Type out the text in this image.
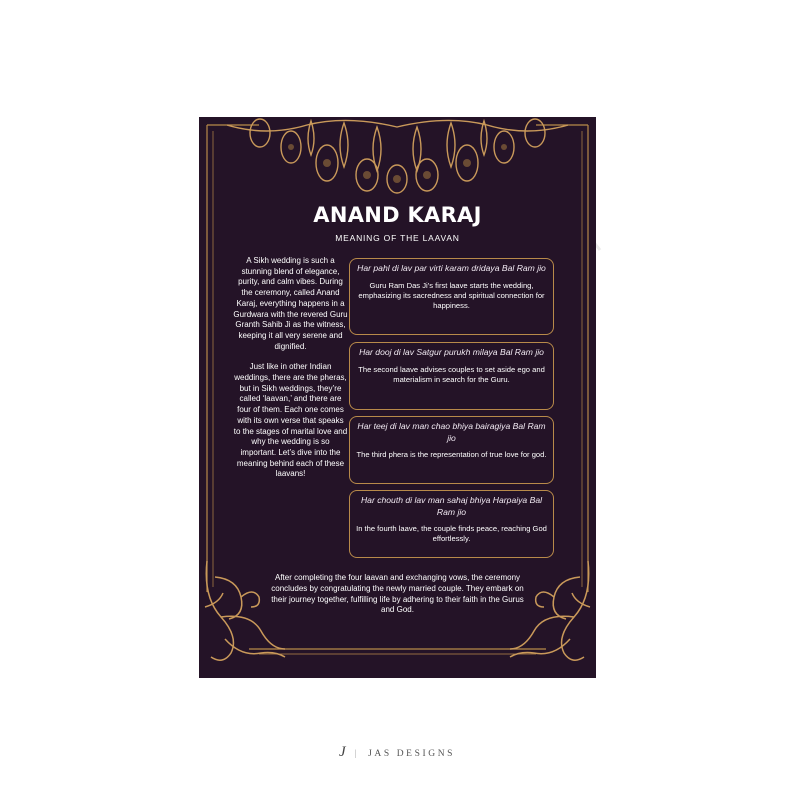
ANAND KARAJ
MEANING OF THE LAAVAN

A Sikh wedding is such a stunning blend of elegance, purity, and calm vibes. During the ceremony, called Anand Karaj, everything happens in a Gurdwara with the revered Guru Granth Sahib Ji as the witness, keeping it all very serene and dignified.

Just like in other Indian weddings, there are the pheras, but in Sikh weddings, they’re called ‘laavan,’ and there are four of them. Each one comes with its own verse that speaks to the stages of marital love and why the wedding is so important. Let’s dive into the meaning behind each of these laavans!

Har pahl di lav par virti karam dridaya Bal Ram jio
Guru Ram Das Ji’s first laave starts the wedding, emphasizing its sacredness and spiritual connection for happiness.
Har dooj di lav Satgur purukh milaya Bal Ram jio
The second laave advises couples to set aside ego and materialism in search for the Guru.
Har teej di lav man chao bhiya bairagiya Bal Ram jio
The third phera is the representation of true love for god.
Har chouth di lav man sahaj bhiya Harpaiya Bal Ram jio
In the fourth laave, the couple finds peace, reaching God effortlessly.
After completing the four laavan and exchanging vows, the ceremony concludes by congratulating the newly married couple. They embark on their journey together, fulfilling life by adhering to their faith in the Gurus and God.
J | JAS DESIGNS
